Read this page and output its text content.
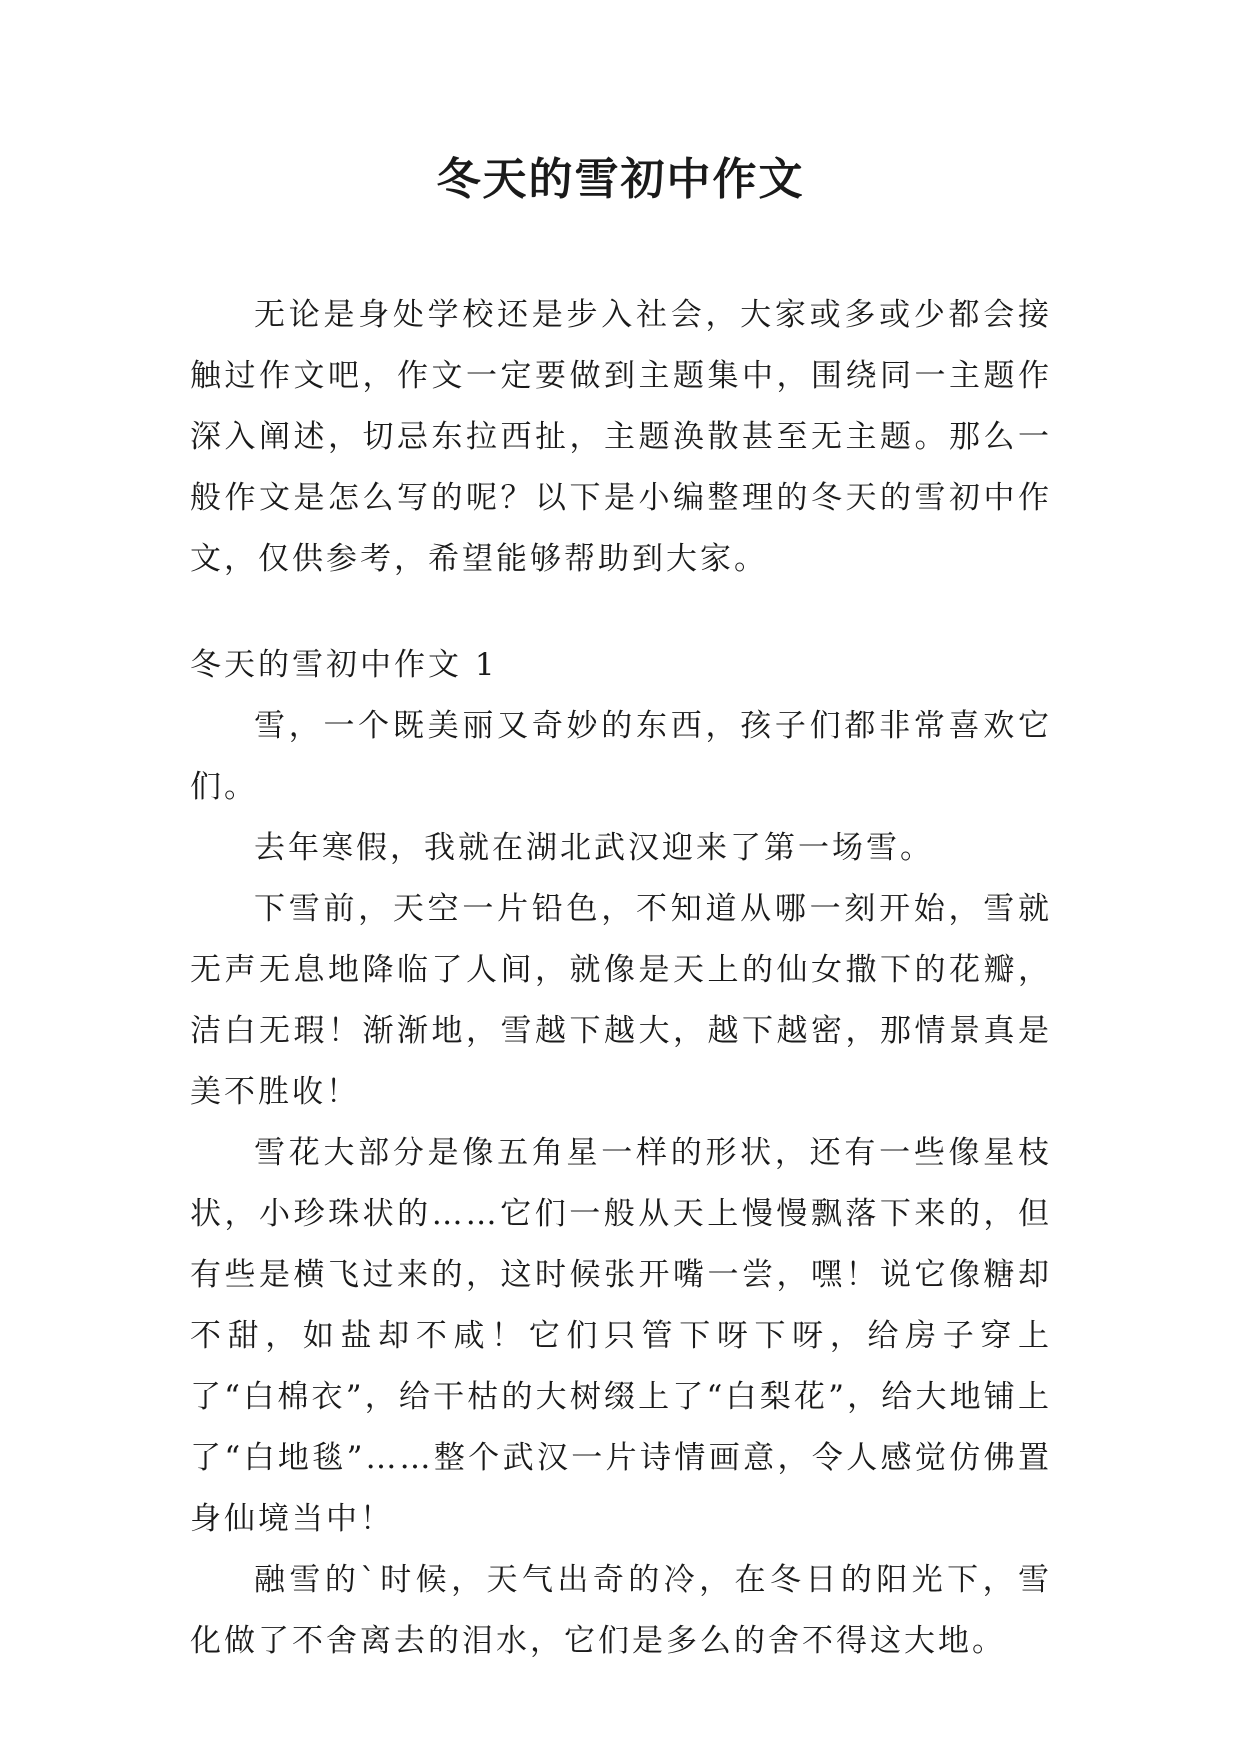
冬天的雪初中作文

无论是身处学校还是步入社会，大家或多或少都会接触过作文吧，作文一定要做到主题集中，围绕同一主题作深入阐述，切忌东拉西扯，主题涣散甚至无主题。那么一般作文是怎么写的呢？以下是小编整理的冬天的雪初中作文，仅供参考，希望能够帮助到大家。

冬天的雪初中作文 1

雪，一个既美丽又奇妙的东西，孩子们都非常喜欢它们。

去年寒假，我就在湖北武汉迎来了第一场雪。

下雪前，天空一片铅色，不知道从哪一刻开始，雪就无声无息地降临了人间，就像是天上的仙女撒下的花瓣，洁白无瑕！渐渐地，雪越下越大，越下越密，那情景真是美不胜收！

雪花大部分是像五角星一样的形状，还有一些像星枝状，小珍珠状的……它们一般从天上慢慢飘落下来的，但有些是横飞过来的，这时候张开嘴一尝，嘿！说它像糖却不甜，如盐却不咸！它们只管下呀下呀，给房子穿上了“白棉衣”，给干枯的大树缀上了“白梨花”，给大地铺上了“白地毯”……整个武汉一片诗情画意，令人感觉仿佛置身仙境当中！

融雪的`时候，天气出奇的冷，在冬日的阳光下，雪化做了不舍离去的泪水，它们是多么的舍不得这大地。
